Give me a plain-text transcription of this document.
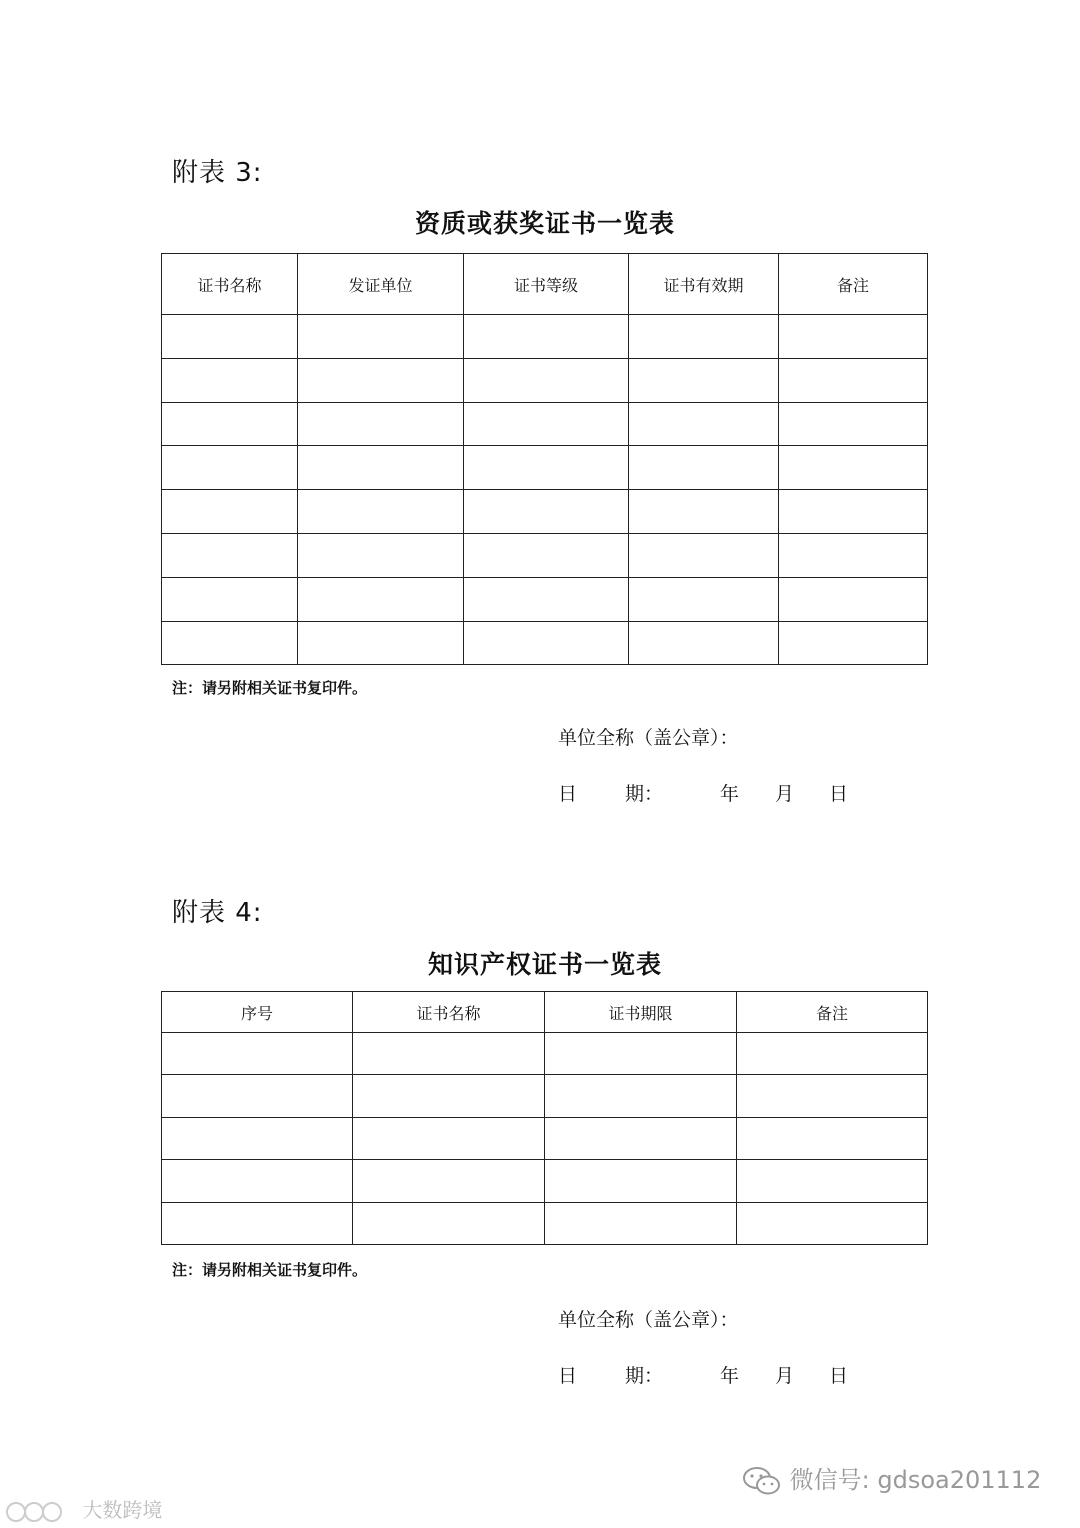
附表 3:
资质或获奖证书一览表
证书名称	发证单位	证书等级	证书有效期	备注

注：请另附相关证书复印件。
单位全称（盖公章）：
日	期：	年 月 日
附表 4:
知识产权证书一览表
序号	证书名称	证书期限	备注

注：请另附相关证书复印件。
单位全称（盖公章）：
日	期：	年 月 日
大数跨境
微信号: gdsoa201112
